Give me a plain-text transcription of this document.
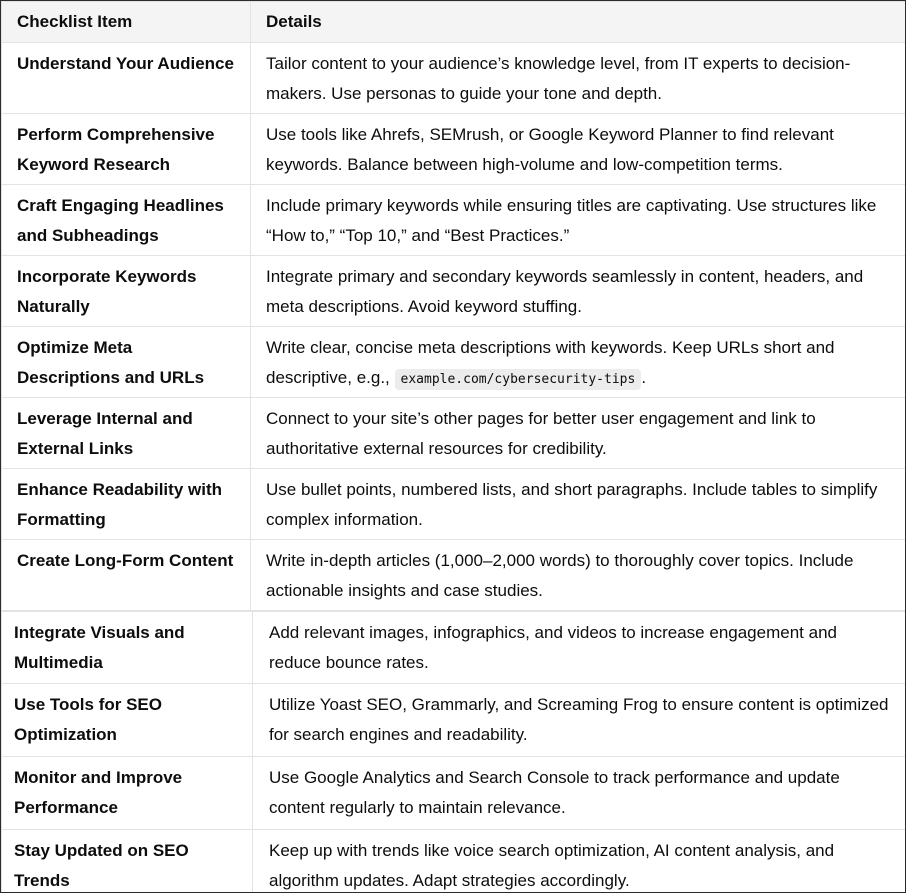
Checklist Item	Details
Understand Your Audience	Tailor content to your audience’s knowledge level, from IT experts to decision-makers. Use personas to guide your tone and depth.
Perform Comprehensive Keyword Research	Use tools like Ahrefs, SEMrush, or Google Keyword Planner to find relevant keywords. Balance between high-volume and low-competition terms.
Craft Engaging Headlines and Subheadings	Include primary keywords while ensuring titles are captivating. Use structures like “How to,” “Top 10,” and “Best Practices.”
Incorporate Keywords Naturally	Integrate primary and secondary keywords seamlessly in content, headers, and meta descriptions. Avoid keyword stuffing.
Optimize Meta Descriptions and URLs	Write clear, concise meta descriptions with keywords. Keep URLs short and descriptive, e.g., example.com/cybersecurity-tips .
Leverage Internal and External Links	Connect to your site’s other pages for better user engagement and link to authoritative external resources for credibility.
Enhance Readability with Formatting	Use bullet points, numbered lists, and short paragraphs. Include tables to simplify complex information.
Create Long-Form Content	Write in-depth articles (1,000–2,000 words) to thoroughly cover topics. Include actionable insights and case studies.
Integrate Visuals and Multimedia	Add relevant images, infographics, and videos to increase engagement and reduce bounce rates.
Use Tools for SEO Optimization	Utilize Yoast SEO, Grammarly, and Screaming Frog to ensure content is optimized for search engines and readability.
Monitor and Improve Performance	Use Google Analytics and Search Console to track performance and update content regularly to maintain relevance.
Stay Updated on SEO Trends	Keep up with trends like voice search optimization, AI content analysis, and algorithm updates. Adapt strategies accordingly.
